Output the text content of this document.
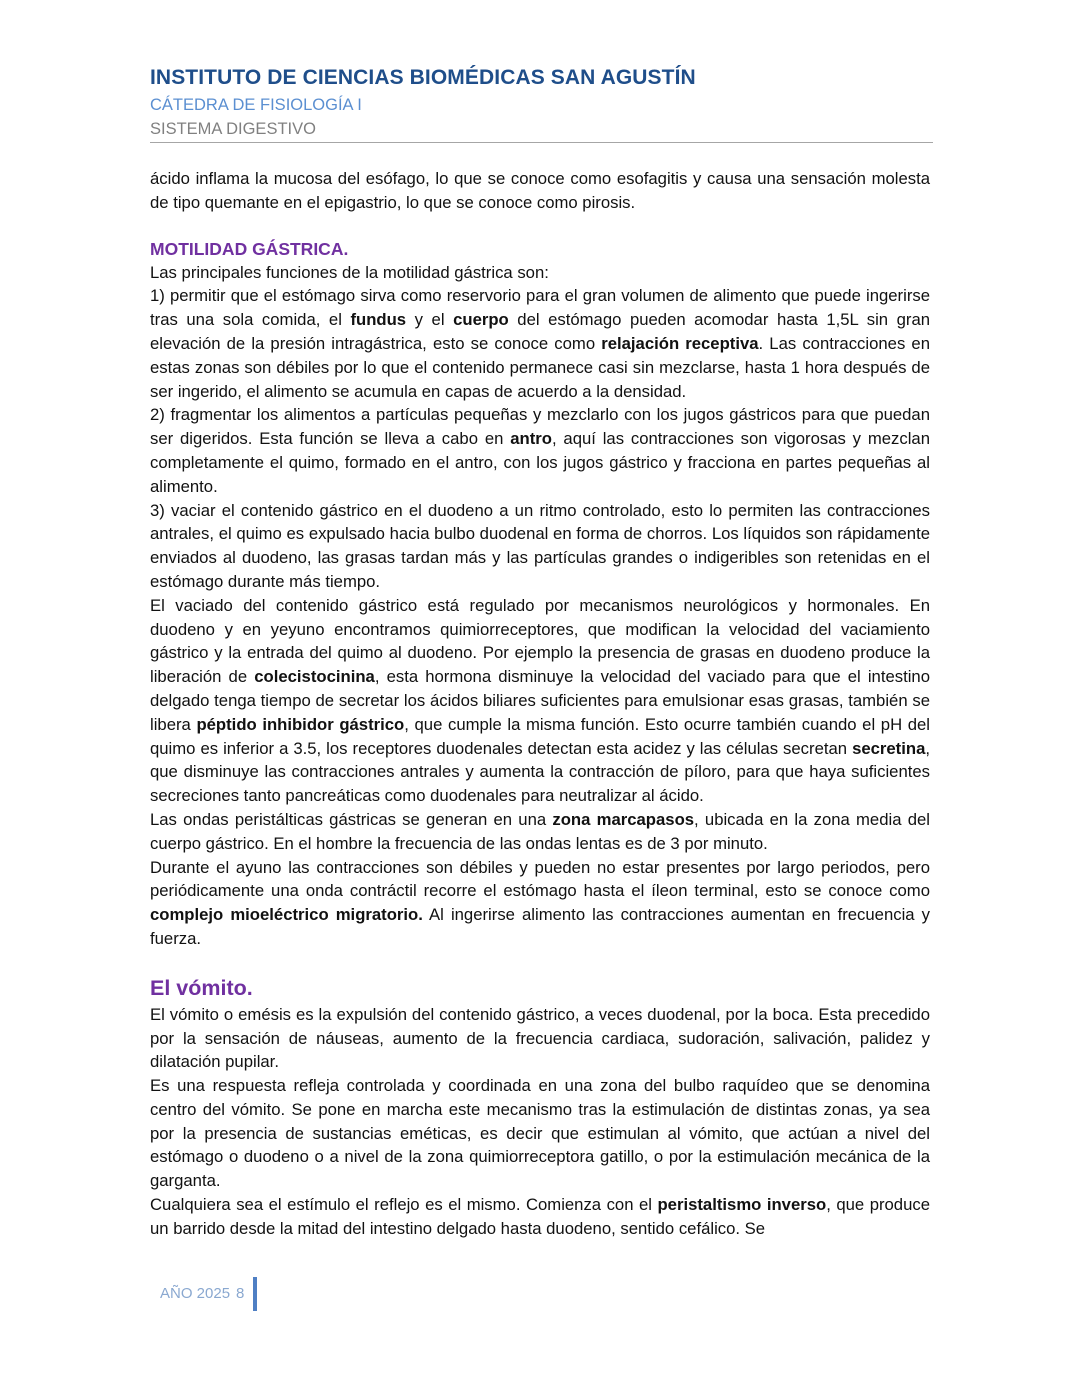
INSTITUTO DE CIENCIAS BIOMÉDICAS SAN AGUSTÍN
CÁTEDRA DE FISIOLOGÍA I
SISTEMA DIGESTIVO

ácido inflama la mucosa del esófago, lo que se conoce como esofagitis y causa una sensación molesta de tipo quemante en el epigastrio, lo que se conoce como pirosis.

MOTILIDAD GÁSTRICA.

Las principales funciones de la motilidad gástrica son:

1) permitir que el estómago sirva como reservorio para el gran volumen de alimento que puede ingerirse tras una sola comida, el fundus y el cuerpo del estómago pueden acomodar hasta 1,5L sin gran elevación de la presión intragástrica, esto se conoce como relajación receptiva. Las contracciones en estas zonas son débiles por lo que el contenido permanece casi sin mezclarse, hasta 1 hora después de ser ingerido, el alimento se acumula en capas de acuerdo a la densidad.

2) fragmentar los alimentos a partículas pequeñas y mezclarlo con los jugos gástricos para que puedan ser digeridos. Esta función se lleva a cabo en antro, aquí las contracciones son vigorosas y mezclan completamente el quimo, formado en el antro, con los jugos gástrico y fracciona en partes pequeñas al alimento.

3) vaciar el contenido gástrico en el duodeno a un ritmo controlado, esto lo permiten las contracciones antrales, el quimo es expulsado hacia bulbo duodenal en forma de chorros. Los líquidos son rápidamente enviados al duodeno, las grasas tardan más y las partículas grandes o indigeribles son retenidas en el estómago durante más tiempo.

El vaciado del contenido gástrico está regulado por mecanismos neurológicos y hormonales. En duodeno y en yeyuno encontramos quimiorreceptores, que modifican la velocidad del vaciamiento gástrico y la entrada del quimo al duodeno. Por ejemplo la presencia de grasas en duodeno produce la liberación de colecistocinina, esta hormona disminuye la velocidad del vaciado para que el intestino delgado tenga tiempo de secretar los ácidos biliares suficientes para emulsionar esas grasas, también se libera péptido inhibidor gástrico, que cumple la misma función. Esto ocurre también cuando el pH del quimo es inferior a 3.5, los receptores duodenales detectan esta acidez y las células secretan secretina, que disminuye las contracciones antrales y aumenta la contracción de píloro, para que haya suficientes secreciones tanto pancreáticas como duodenales para neutralizar al ácido.

Las ondas peristálticas gástricas se generan en una zona marcapasos, ubicada en la zona media del cuerpo gástrico. En el hombre la frecuencia de las ondas lentas es de 3 por minuto.

Durante el ayuno las contracciones son débiles y pueden no estar presentes por largo periodos, pero periódicamente una onda contráctil recorre el estómago hasta el íleon terminal, esto se conoce como complejo mioeléctrico migratorio. Al ingerirse alimento las contracciones aumentan en frecuencia y fuerza.

El vómito.

El vómito o emésis es la expulsión del contenido gástrico, a veces duodenal, por la boca. Esta precedido por la sensación de náuseas, aumento de la frecuencia cardiaca, sudoración, salivación, palidez y dilatación pupilar.

Es una respuesta refleja controlada y coordinada en una zona del bulbo raquídeo que se denomina centro del vómito. Se pone en marcha este mecanismo tras la estimulación de distintas zonas, ya sea por la presencia de sustancias eméticas, es decir que estimulan al vómito, que actúan a nivel del estómago o duodeno o a nivel de la zona quimiorreceptora gatillo, o por la estimulación mecánica de la garganta.

Cualquiera sea el estímulo el reflejo es el mismo. Comienza con el peristaltismo inverso, que produce un barrido desde la mitad del intestino delgado hasta duodeno, sentido cefálico. Se

AÑO 2025 8
